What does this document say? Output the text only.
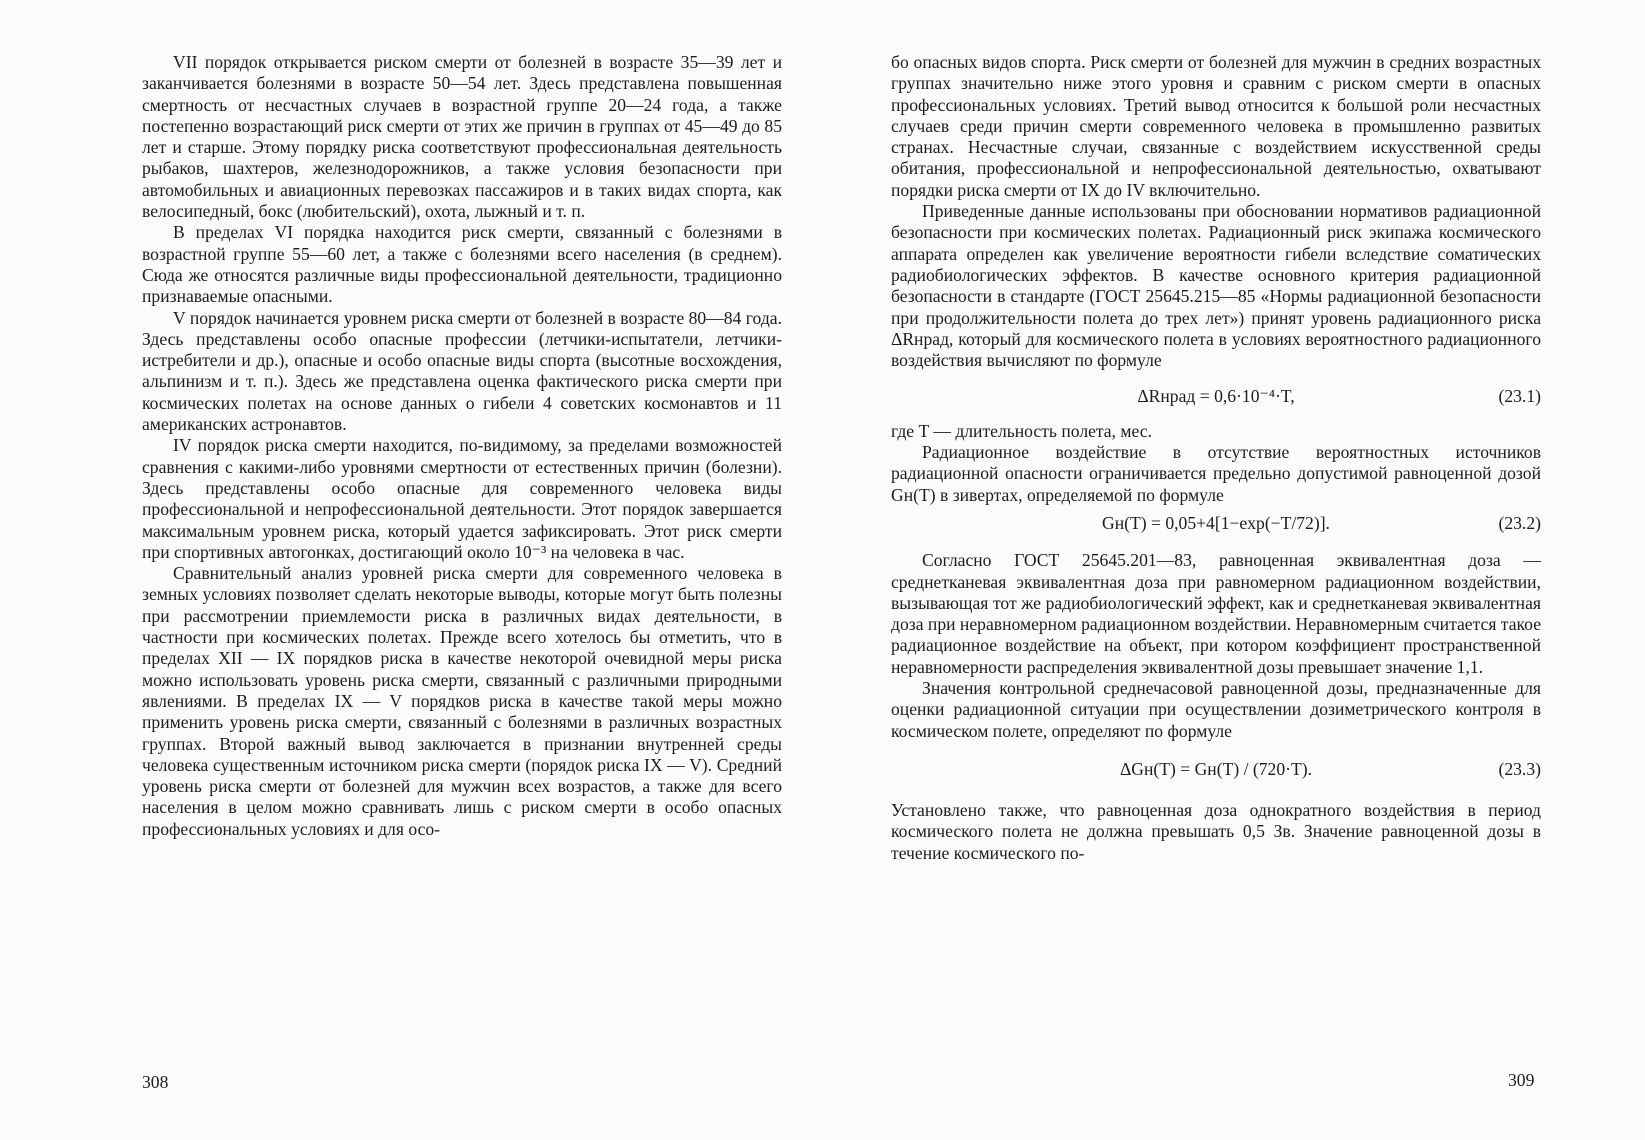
VII порядок открывается риском смерти от болезней в возрасте 35—39 лет и заканчивается болезнями в возрасте 50—54 лет. Здесь представлена повышенная смертность от несчастных случаев в возрастной группе 20—24 года, а также постепенно возрастающий риск смерти от этих же причин в группах от 45—49 до 85 лет и старше. Этому порядку риска соответствуют профессиональная деятельность рыбаков, шахтеров, железнодорожников, а также условия безопасности при автомобильных и авиационных перевозках пассажиров и в таких видах спорта, как велосипедный, бокс (любительский), охота, лыжный и т. п.

В пределах VI порядка находится риск смерти, связанный с болезнями в возрастной группе 55—60 лет, а также с болезнями всего населения (в среднем). Сюда же относятся различные виды профессиональной деятельности, традиционно признаваемые опасными.

V порядок начинается уровнем риска смерти от болезней в возрасте 80—84 года. Здесь представлены особо опасные профессии (летчики-испытатели, летчики-истребители и др.), опасные и особо опасные виды спорта (высотные восхождения, альпинизм и т. п.). Здесь же представлена оценка фактического риска смерти при космических полетах на основе данных о гибели 4 советских космонавтов и 11 американских астронавтов.

IV порядок риска смерти находится, по-видимому, за пределами возможностей сравнения с какими-либо уровнями смертности от естественных причин (болезни). Здесь представлены особо опасные для современного человека виды профессиональной и непрофессиональной деятельности. Этот порядок завершается максимальным уровнем риска, который удается зафиксировать. Этот риск смерти при спортивных автогонках, достигающий около 10⁻³ на человека в час.

Сравнительный анализ уровней риска смерти для современного человека в земных условиях позволяет сделать некоторые выводы, которые могут быть полезны при рассмотрении приемлемости риска в различных видах деятельности, в частности при космических полетах. Прежде всего хотелось бы отметить, что в пределах XII — IX порядков риска в качестве некоторой очевидной меры риска можно использовать уровень риска смерти, связанный с различными природными явлениями. В пределах IX — V порядков риска в качестве такой меры можно применить уровень риска смерти, связанный с болезнями в различных возрастных группах. Второй важный вывод заключается в признании внутренней среды человека существенным источником риска смерти (порядок риска IX — V). Средний уровень риска смерти от болезней для мужчин всех возрастов, а также для всего населения в целом можно сравнивать лишь с риском смерти в особо опасных профессиональных условиях и для осо-

бо опасных видов спорта. Риск смерти от болезней для мужчин в средних возрастных группах значительно ниже этого уровня и сравним с риском смерти в опасных профессиональных условиях. Третий вывод относится к большой роли несчастных случаев среди причин смерти современного человека в промышленно развитых странах. Несчастные случаи, связанные с воздействием искусственной среды обитания, профессиональной и непрофессиональной деятельностью, охватывают порядки риска смерти от IX до IV включительно.

Приведенные данные использованы при обосновании нормативов радиационной безопасности при космических полетах. Радиационный риск экипажа космического аппарата определен как увеличение вероятности гибели вследствие соматических радиобиологических эффектов. В качестве основного критерия радиационной безопасности в стандарте (ГОСТ 25645.215—85 «Нормы радиационной безопасности при продолжительности полета до трех лет») принят уровень радиационного риска ΔRнрад, который для космического полета в условиях вероятностного радиационного воздействия вычисляют по формуле

ΔRнрад = 0,6·10⁻⁴·T,	(23.1)

где T — длительность полета, мес.

Радиационное воздействие в отсутствие вероятностных источников радиационной опасности ограничивается предельно допустимой равноценной дозой Gн(T) в зивертах, определяемой по формуле

Gн(T) = 0,05+4[1−exp(−T/72)].	(23.2)

Согласно ГОСТ 25645.201—83, равноценная эквивалентная доза — среднетканевая эквивалентная доза при равномерном радиационном воздействии, вызывающая тот же радиобиологический эффект, как и среднетканевая эквивалентная доза при неравномерном радиационном воздействии. Неравномерным считается такое радиационное воздействие на объект, при котором коэффициент пространственной неравномерности распределения эквивалентной дозы превышает значение 1,1.

Значения контрольной среднечасовой равноценной дозы, предназначенные для оценки радиационной ситуации при осуществлении дозиметрического контроля в космическом полете, определяют по формуле

ΔGн(T) = Gн(T) / (720·T).	(23.3)

Установлено также, что равноценная доза однократного воздействия в период космического полета не должна превышать 0,5 Зв. Значение равноценной дозы в течение космического по-

308	309
